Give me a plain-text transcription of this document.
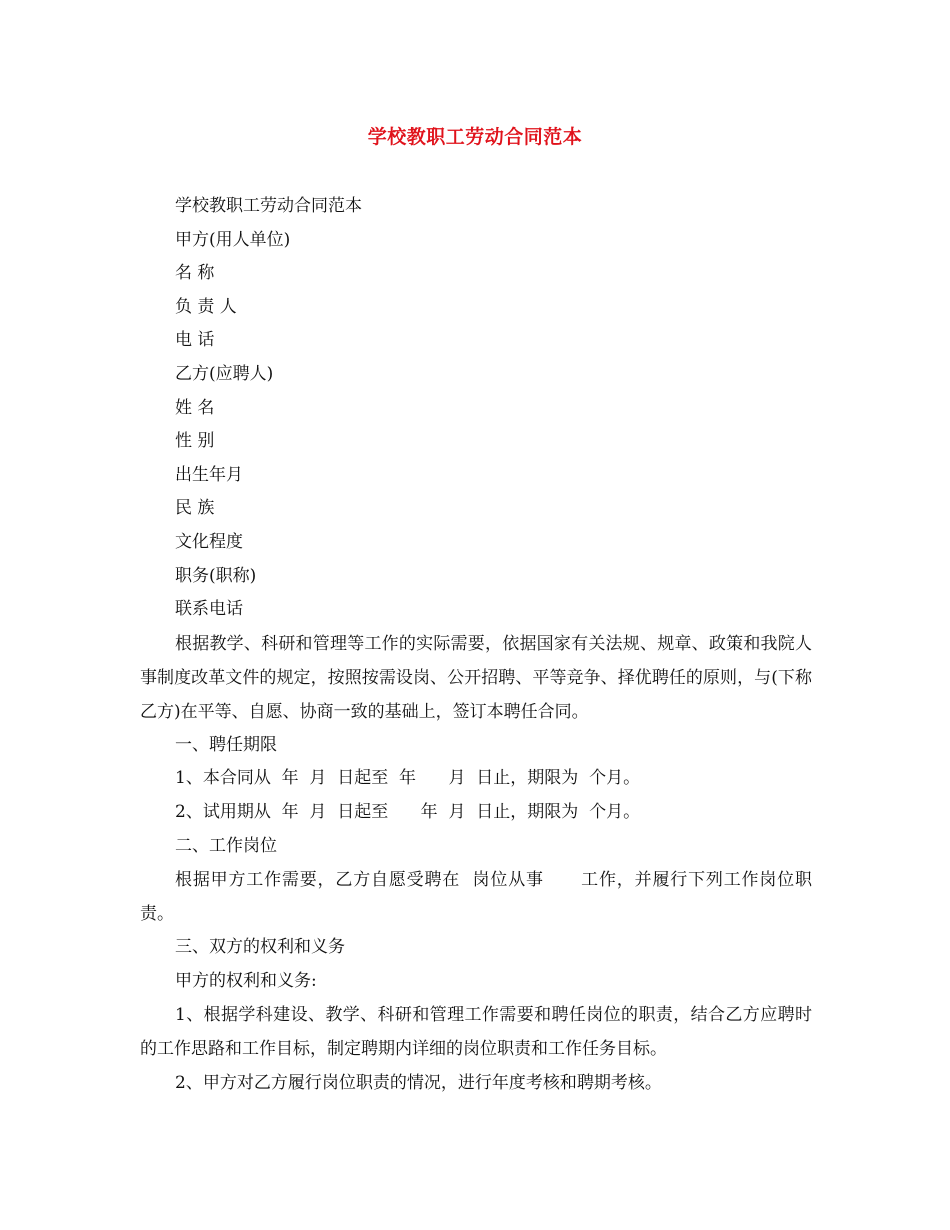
学校教职工劳动合同范本

学校教职工劳动合同范本

甲方(用人单位)

名 称

负 责 人

电 话

乙方(应聘人)

姓 名

性 别

出生年月

民 族

文化程度

职务(职称)

联系电话

根据教学、科研和管理等工作的实际需要，依据国家有关法规、规章、政策和我院人事制度改革文件的规定，按照按需设岗、公开招聘、平等竞争、择优聘任的原则，与(下称乙方)在平等、自愿、协商一致的基础上，签订本聘任合同。

一、聘任期限

1、本合同从  年  月  日起至  年      月  日止，期限为  个月。

2、试用期从  年  月  日起至      年  月  日止，期限为  个月。

二、工作岗位

根据甲方工作需要，乙方自愿受聘在  岗位从事      工作，并履行下列工作岗位职责。

三、双方的权利和义务

甲方的权利和义务:

1、根据学科建设、教学、科研和管理工作需要和聘任岗位的职责，结合乙方应聘时的工作思路和工作目标，制定聘期内详细的岗位职责和工作任务目标。

2、甲方对乙方履行岗位职责的情况，进行年度考核和聘期考核。
